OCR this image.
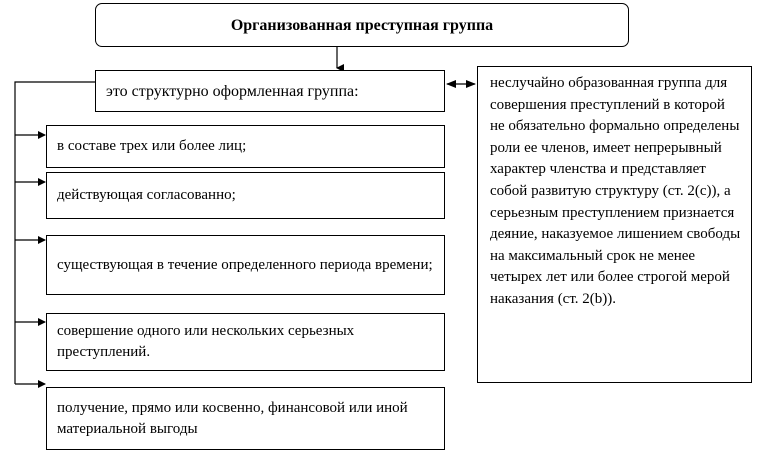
Организованная преступная группа
это структурно оформленная группа:
в составе трех или более лиц;
действующая согласованно;
существующая в течение определенного периода времени;
совершение одного или нескольких серьезных преступлений.
получение, прямо или косвенно, финансовой или иной материальной выгоды
неслучайно образованная группа для совершения преступлений в которой не обязательно формально определены роли ее членов, имеет непрерывный характер членства и представляет собой развитую структуру (ст. 2(с)), а серьезным преступлением признается деяние, наказуемое лишением свободы на максимальный срок не менее четырех лет или более строгой мерой наказания (ст. 2(b)).
